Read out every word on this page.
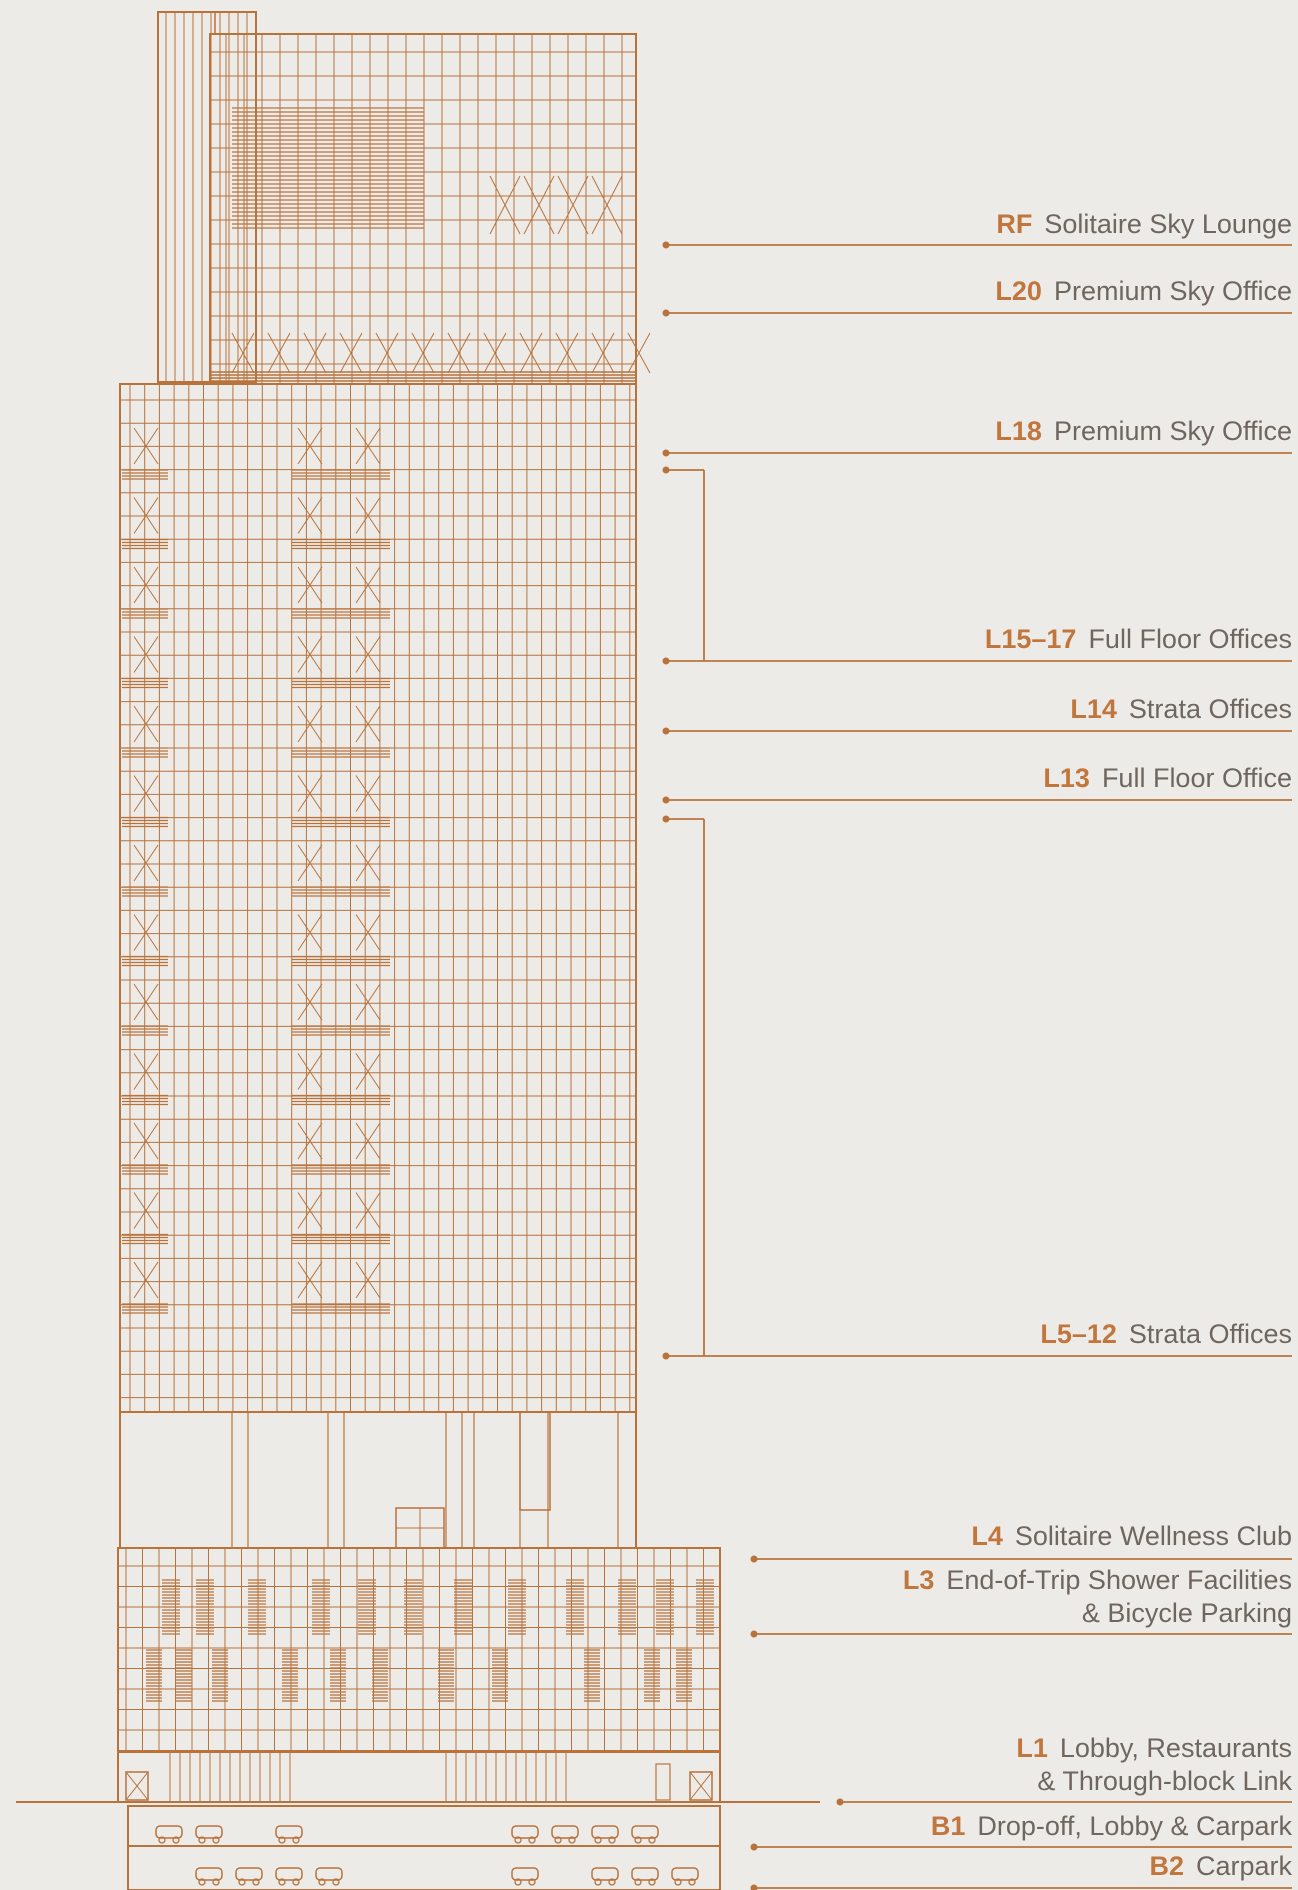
RF Solitaire Sky Lounge
L20 Premium Sky Office
L18 Premium Sky Office
L15–17 Full Floor Offices
L14 Strata Offices
L13 Full Floor Office
L5–12 Strata Offices
L4 Solitaire Wellness Club
L3 End-of-Trip Shower Facilities
& Bicycle Parking
L1 Lobby, Restaurants
& Through-block Link
B1 Drop-off, Lobby & Carpark
B2 Carpark
